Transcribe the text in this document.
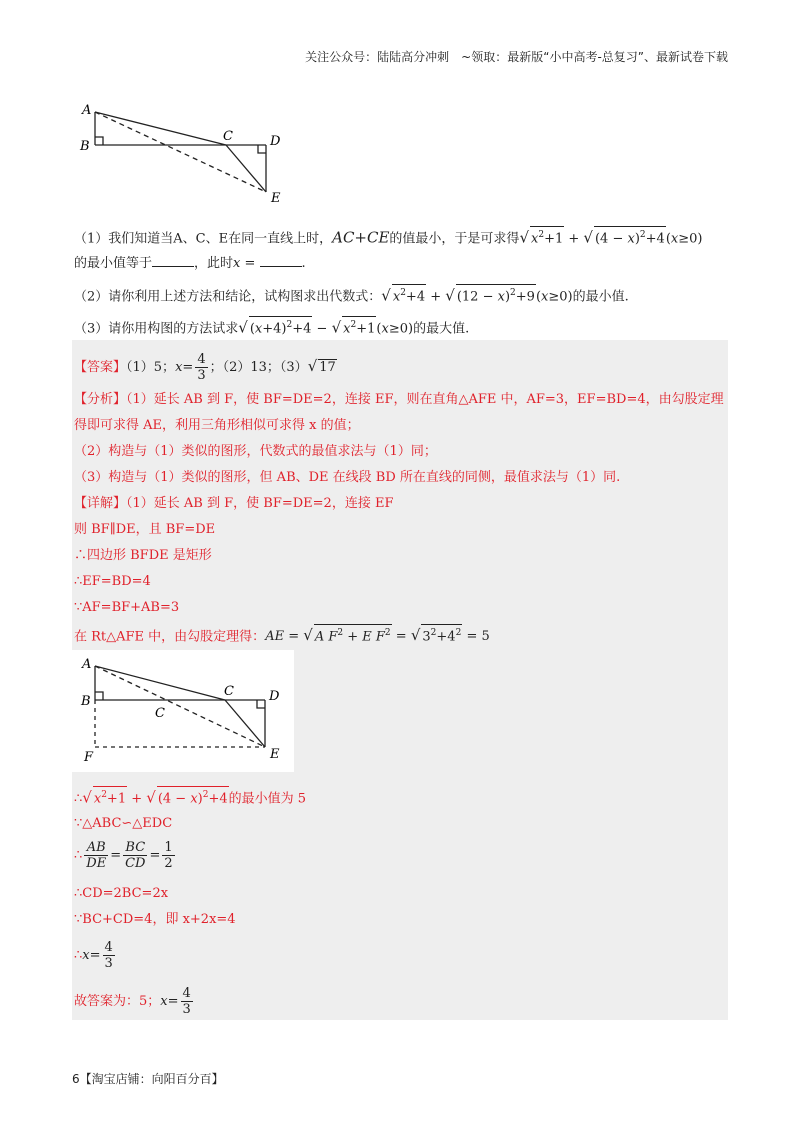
关注公众号：陆陆高分冲刺　~领取：最新版“小中高考-总复习”、最新试卷下载
A
B
C	D
E
（1）我们知道当A、C、E在同一直线上时，AC+CE的值最小，于是可求得√ $x^2+1$ + √ $(4 - x)^2+4(x\ge 0)$
的最小值等于	，此时x =	.
（2）请你利用上述方法和结论，试构图求出代数式：√ $x^2+4$ + √ $(12 - x)^2+9(x\ge 0)$的最小值.
（3）请你用构图的方法试求√ $(x+4)^2+4$ − √ $x^2+1(x\ge 0)$的最大值.
【答案】（1）5；$x= \frac{4}{3}$ ；（2）13；（3）√ 17
【分析】（1）延长 AB 到 F，使 BF=DE=2，连接 EF，则在直角△AFE 中，AF=3，EF=BD=4，由勾股定理
得即可求得 AE，利用三角形相似可求得 x 的值；
（2）构造与（1）类似的图形，代数式的最值求法与（1）同；
（3）构造与（1）类似的图形，但 AB、DE 在线段 BD 所在直线的同侧，最值求法与（1）同.
【详解】（1）延长 AB 到 F，使 BF=DE=2，连接 EF
则 BF∥DE，且 BF=DE
∴四边形 BFDE 是矩形
∴EF=BD=4
∵AF=BF+AB=3
在 Rt△AFE 中，由勾股定理得：AE = √ A $F^2 + E$ $F^2$ = √ $3^2+4^2 = 5$
A
B
C
C
D
F	E
∴√ $x^2+1$ + √ $(4 - x)^2+4$的最小值为 5
∵△ABC∽△EDC
∴ $\frac{AB}{DE} = \frac{BC}{CD} = \frac{1}{2}$
∴CD=2BC=2x
∵BC+CD=4，即 x+2x=4
∴x= $\frac{4}{3}$
故答案为：5；$x= \frac{4}{3}$
6【淘宝店铺：向阳百分百】
